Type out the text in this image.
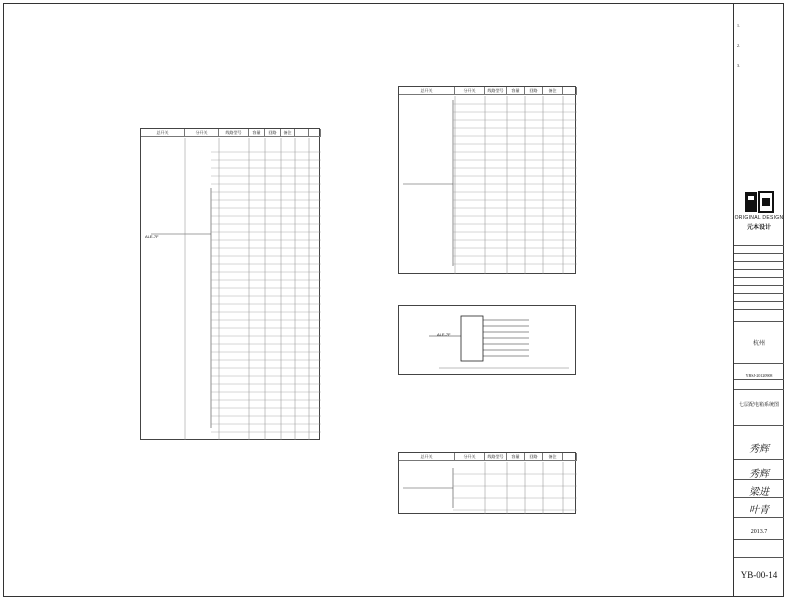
总开关	分开关	线路型号	容量	回路	备注
ALE-7F
总开关	分开关	线路型号	容量	回路	备注
ALE-7F
总开关	分开关	线路型号	容量	回路	备注
1.
2.
3.
ORIGINAL DESIGN
元本设计
杭州
YBSJ-20120908
七层配电箱系统图
秀辉
秀辉
梁进
叶青
2013.7
YB-00-14
